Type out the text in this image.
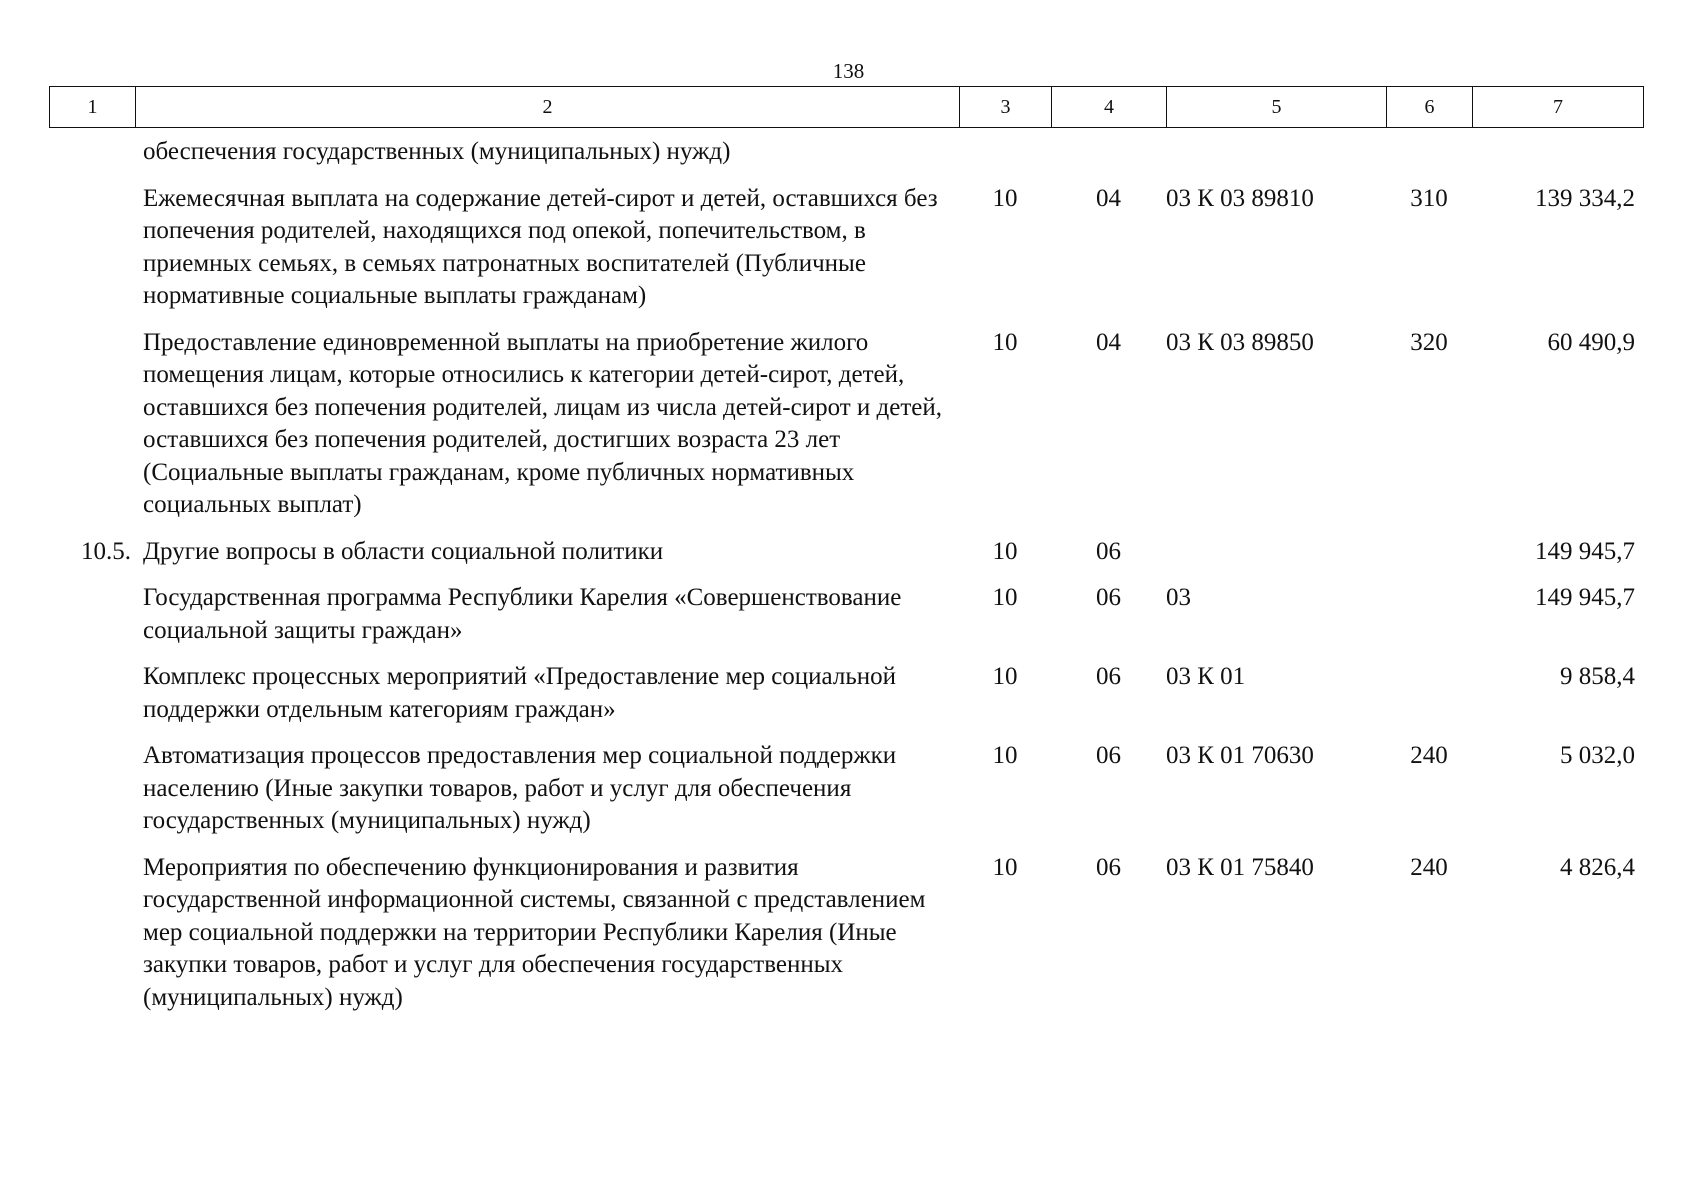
138
1	2	3	4	5	6	7
	обеспечения государственных (муниципальных) нужд)					
	Ежемесячная выплата на содержание детей-сирот и детей, оставшихся без попечения родителей, находящихся под опекой, попечительством, в приемных семьях, в семьях патронатных воспитателей (Публичные нормативные социальные выплаты гражданам)	10	04	03 К 03 89810	310	139 334,2
	Предоставление единовременной выплаты на приобретение жилого помещения лицам, которые относились к категории детей-сирот, детей, оставшихся без попечения родителей, лицам из числа детей-сирот и детей, оставшихся без попечения родителей, достигших возраста 23 лет (Социальные выплаты гражданам, кроме публичных нормативных социальных выплат)	10	04	03 К 03 89850	320	60 490,9
10.5.	Другие вопросы в области социальной политики	10	06			149 945,7
	Государственная программа Республики Карелия «Совершенствование социальной защиты граждан»	10	06	03		149 945,7
	Комплекс процессных мероприятий «Предоставление мер социальной поддержки отдельным категориям граждан»	10	06	03 К 01		9 858,4
	Автоматизация процессов предоставления мер социальной поддержки населению (Иные закупки товаров, работ и услуг для обеспечения государственных (муниципальных) нужд)	10	06	03 К 01 70630	240	5 032,0
	Мероприятия по обеспечению функционирования и развития государственной информационной системы, связанной с представлением мер социальной поддержки на территории Республики Карелия (Иные закупки товаров, работ и услуг для обеспечения государственных (муниципальных) нужд)	10	06	03 К 01 75840	240	4 826,4
